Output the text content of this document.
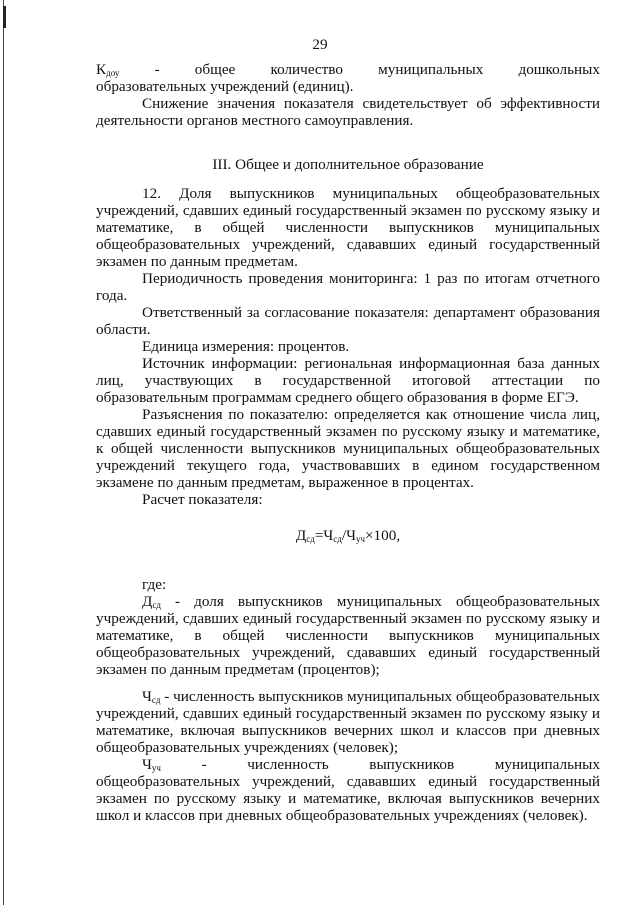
29
$К_{доу}$ - общее количество муниципальных дошкольных

образовательных учреждений (единиц).

Снижение значения показателя свидетельствует об эффективности деятельности органов местного самоуправления.

III. Общее и дополнительное образование

12. Доля выпускников муниципальных общеобразовательных учреждений, сдавших единый государственный экзамен по русскому языку и математике, в общей численности выпускников муниципальных общеобразовательных учреждений, сдававших единый государственный экзамен по данным предметам.

Периодичность проведения мониторинга: 1 раз по итогам отчетного года.

Ответственный за согласование показателя: департамент образования области.

Единица измерения: процентов.

Источник информации: региональная информационная база данных лиц, участвующих в государственной итоговой аттестации по образовательным программам среднего общего образования в форме ЕГЭ.

Разъяснения по показателю: определяется как отношение числа лиц, сдавших единый государственный экзамен по русскому языку и математике, к общей численности выпускников муниципальных общеобразовательных учреждений текущего года, участвовавших в едином государственном экзамене по данным предметам, выраженное в процентах.

Расчет показателя:

$Д_{сд}=Ч_{сд}/Ч_{уч}\times 100$,

где:

$Д_{сд}$ - доля выпускников муниципальных общеобразовательных учреждений, сдавших единый государственный экзамен по русскому языку и математике, в общей численности выпускников муниципальных общеобразовательных учреждений, сдававших единый государственный экзамен по данным предметам (процентов);

$Ч_{сд}$ - численность выпускников муниципальных общеобразовательных учреждений, сдавших единый государственный экзамен по русскому языку и математике, включая выпускников вечерних школ и классов при дневных общеобразовательных учреждениях (человек);

$Ч_{уч}$	-	численность	выпускников	муниципальных

общеобразовательных учреждений, сдававших единый государственный экзамен по русскому языку и математике, включая выпускников вечерних школ и классов при дневных общеобразовательных учреждениях (человек).
